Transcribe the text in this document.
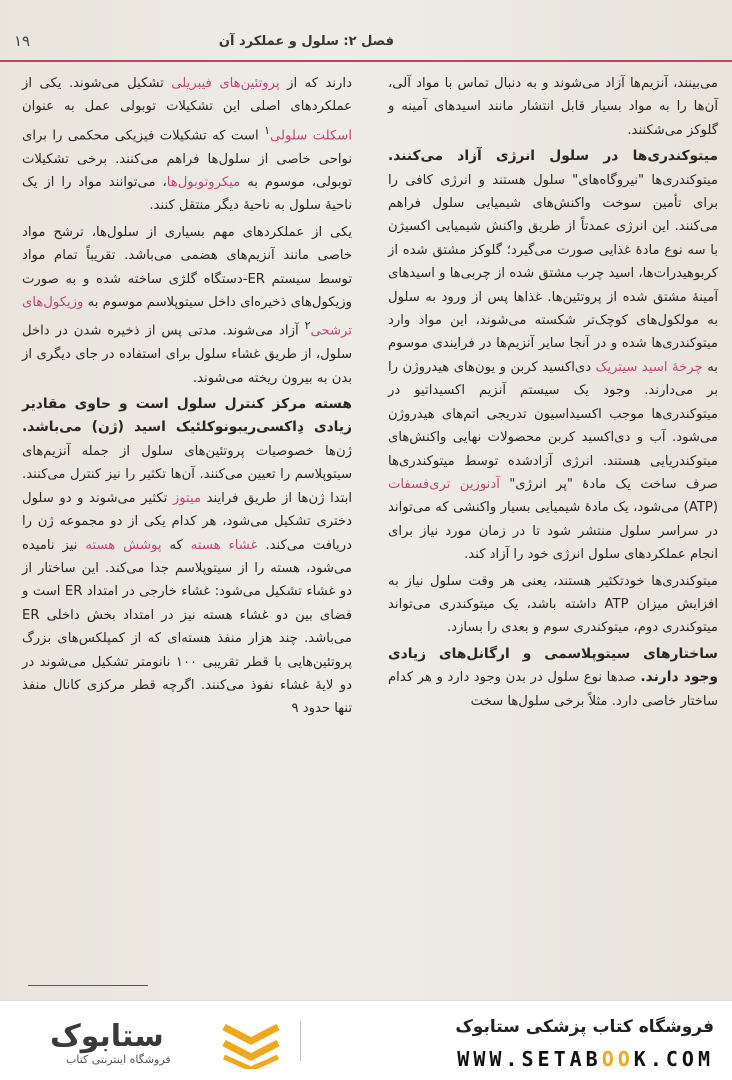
فصل ۲: سلول و عملکرد آن
۱۹

می‌بینند، آنزیم‌ها آزاد می‌شوند و به دنبال تماس با مواد آلی، آن‌ها را به مواد بسیار قابل انتشار مانند اسیدهای آمینه و گلوکز می‌شکنند.

میتوکندری‌ها در سلول انرژی آزاد می‌کنند. میتوکندری‌ها "نیروگاه‌های" سلول هستند و انرژی کافی را برای تأمین سوخت واکنش‌های شیمیایی سلول فراهم می‌کنند. این انرژی عمدتاً از طریق واکنش شیمیایی اکسیژن با سه نوع مادهٔ غذایی صورت می‌گیرد؛ گلوکز مشتق شده از کربوهیدرات‌ها، اسید چرب مشتق شده از چربی‌ها و اسیدهای آمینهٔ مشتق شده از پروتئین‌ها. غذاها پس از ورود به سلول به مولکول‌های کوچک‌تر شکسته می‌شوند، این مواد وارد میتوکندری‌ها شده و در آنجا سایر آنزیم‌ها در فرایندی موسوم به چرخهٔ اسید سیتریک دی‌اکسید کربن و یون‌های هیدروژن را بر می‌دارند. وجود یک سیستم آنزیم اکسیداتیو در میتوکندری‌ها موجب اکسیداسیون تدریجی اتم‌های هیدروژن می‌شود. آب و دی‌اکسید کربن محصولات نهایی واکنش‌های میتوکندریایی هستند. انرژی آزادشده توسط میتوکندری‌ها صرف ساخت یک مادهٔ "پر انرژی" آدنوزین تری‌فسفات (ATP) می‌شود، یک مادهٔ شیمیایی بسیار واکنشی که می‌تواند در سراسر سلول منتشر شود تا در زمان مورد نیاز برای انجام عملکردهای سلول انرژی خود را آزاد کند.

میتوکندری‌ها خودتکثیر هستند، یعنی هر وقت سلول نیاز به افزایش میزان ATP داشته باشد، یک میتوکندری می‌تواند میتوکندری دوم، میتوکندری سوم و بعدی را بسازد.

ساختارهای سیتوپلاسمی و ارگانل‌های زیادی وجود دارند. صدها نوع سلول در بدن وجود دارد و هر کدام ساختار خاصی دارد. مثلاً برخی سلول‌ها سخت

دارند که از پروتئین‌های فیبریلی تشکیل می‌شوند. یکی از عملکردهای اصلی این تشکیلات توبولی عمل به عنوان اسکلت سلولی$^۱$ است که تشکیلات فیزیکی محکمی را برای نواحی خاصی از سلول‌ها فراهم می‌کنند. برخی تشکیلات توبولی، موسوم به میکروتوبول‌ها، می‌توانند مواد را از یک ناحیهٔ سلول به ناحیهٔ دیگر منتقل کنند.

یکی از عملکردهای مهم بسیاری از سلول‌ها، ترشح مواد خاصی مانند آنزیم‌های هضمی می‌باشد. تقریباً تمام مواد توسط سیستم ER-دستگاه گلژی ساخته شده و به صورت وزیکول‌های ذخیره‌ای داخل سیتوپلاسم موسوم به وزیکول‌های ترشحی$^۲$ آزاد می‌شوند. مدتی پس از ذخیره شدن در داخل سلول، از طریق غشاء سلول برای استفاده در جای دیگری از بدن به بیرون ریخته می‌شوند.

هسته مرکز کنترل سلول است و حاوی مقادیر زیادی دِاکسی‌ریبونوکلئیک اسید (ژن) می‌باشد. ژن‌ها خصوصیات پروتئین‌های سلول از جمله آنزیم‌های سیتوپلاسم را تعیین می‌کنند. آن‌ها تکثیر را نیز کنترل می‌کنند. ابتدا ژن‌ها از طریق فرایند میتوز تکثیر می‌شوند و دو سلول دختری تشکیل می‌شود، هر کدام یکی از دو مجموعه ژن را دریافت می‌کند. غشاء هسته که پوشش هسته نیز نامیده می‌شود، هسته را از سیتوپلاسم جدا می‌کند. این ساختار از دو غشاء تشکیل می‌شود: غشاء خارجی در امتداد ER است و فضای بین دو غشاء هسته نیز در امتداد بخش داخلی ER می‌باشد. چند هزار منفذ هسته‌ای که از کمپلکس‌های بزرگ پروتئین‌هایی با قطر تقریبی ۱۰۰ نانومتر تشکیل می‌شوند در دو لایهٔ غشاء نفوذ می‌کنند. اگرچه قطر مرکزی کانال منفذ تنها حدود ۹

ستابوک
فروشگاه اینترنتی کتاب
فروشگاه کتاب پزشکی ستابوک
WWW.SETABOOK.COM
